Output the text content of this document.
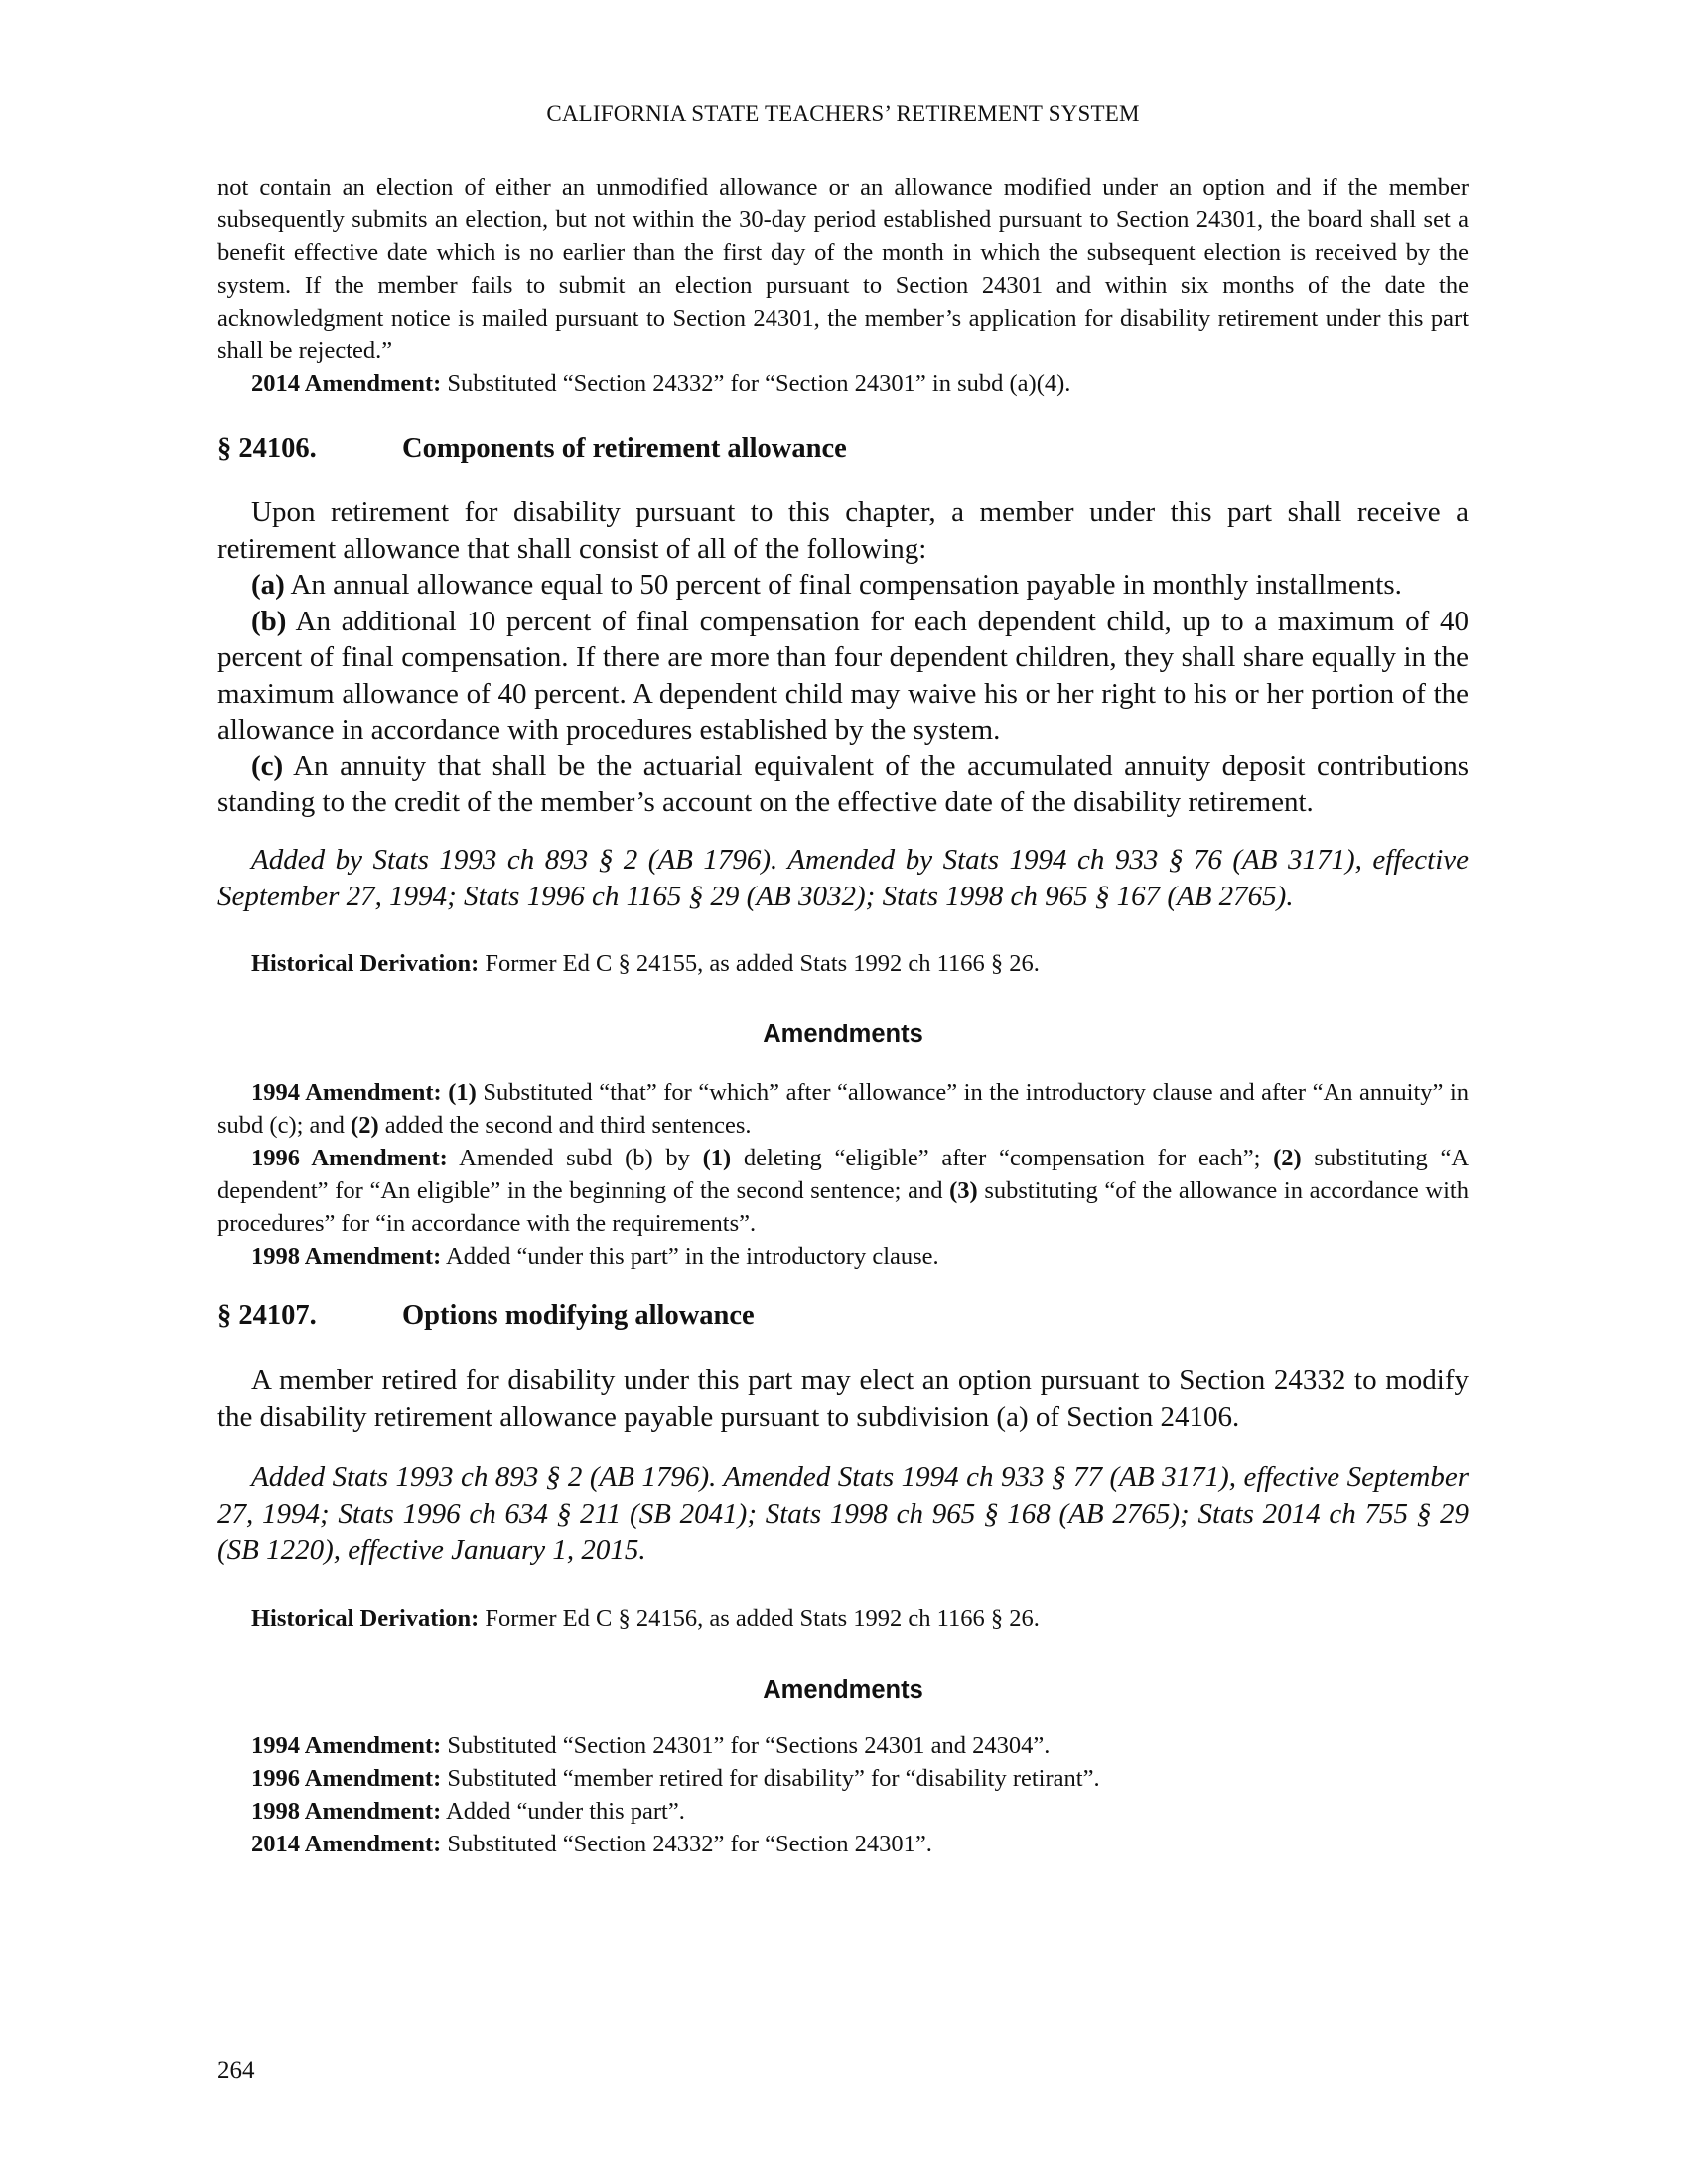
CALIFORNIA STATE TEACHERS’ RETIREMENT SYSTEM

not contain an election of either an unmodified allowance or an allowance modified under an option and if the member subsequently submits an election, but not within the 30-day period established pursuant to Section 24301, the board shall set a benefit effective date which is no earlier than the first day of the month in which the subsequent election is received by the system. If the member fails to submit an election pursuant to Section 24301 and within six months of the date the acknowledgment notice is mailed pursuant to Section 24301, the member’s application for disability retirement under this part shall be rejected.”

2014 Amendment: Substituted “Section 24332” for “Section 24301” in subd (a)(4).

§ 24106.	Components of retirement allowance

Upon retirement for disability pursuant to this chapter, a member under this part shall receive a retirement allowance that shall consist of all of the following:

(a) An annual allowance equal to 50 percent of final compensation payable in monthly installments.

(b) An additional 10 percent of final compensation for each dependent child, up to a maximum of 40 percent of final compensation. If there are more than four dependent children, they shall share equally in the maximum allowance of 40 percent. A dependent child may waive his or her right to his or her portion of the allowance in accordance with procedures established by the system.

(c) An annuity that shall be the actuarial equivalent of the accumulated annuity deposit contributions standing to the credit of the member’s account on the effective date of the disability retirement.

Added by Stats 1993 ch 893 § 2 (AB 1796). Amended by Stats 1994 ch 933 § 76 (AB 3171), effective September 27, 1994; Stats 1996 ch 1165 § 29 (AB 3032); Stats 1998 ch 965 § 167 (AB 2765).

Historical Derivation: Former Ed C § 24155, as added Stats 1992 ch 1166 § 26.

Amendments

1994 Amendment: (1) Substituted “that” for “which” after “allowance” in the introductory clause and after “An annuity” in subd (c); and (2) added the second and third sentences.

1996 Amendment: Amended subd (b) by (1) deleting “eligible” after “compensation for each”; (2) substituting “A dependent” for “An eligible” in the beginning of the second sentence; and (3) substituting “of the allowance in accordance with procedures” for “in accordance with the requirements”.

1998 Amendment: Added “under this part” in the introductory clause.

§ 24107.	Options modifying allowance

A member retired for disability under this part may elect an option pursuant to Section 24332 to modify the disability retirement allowance payable pursuant to subdivision (a) of Section 24106.

Added Stats 1993 ch 893 § 2 (AB 1796). Amended Stats 1994 ch 933 § 77 (AB 3171), effective September 27, 1994; Stats 1996 ch 634 § 211 (SB 2041); Stats 1998 ch 965 § 168 (AB 2765); Stats 2014 ch 755 § 29 (SB 1220), effective January 1, 2015.

Historical Derivation: Former Ed C § 24156, as added Stats 1992 ch 1166 § 26.

Amendments

1994 Amendment: Substituted “Section 24301” for “Sections 24301 and 24304”.

1996 Amendment: Substituted “member retired for disability” for “disability retirant”.

1998 Amendment: Added “under this part”.

2014 Amendment: Substituted “Section 24332” for “Section 24301”.

264
